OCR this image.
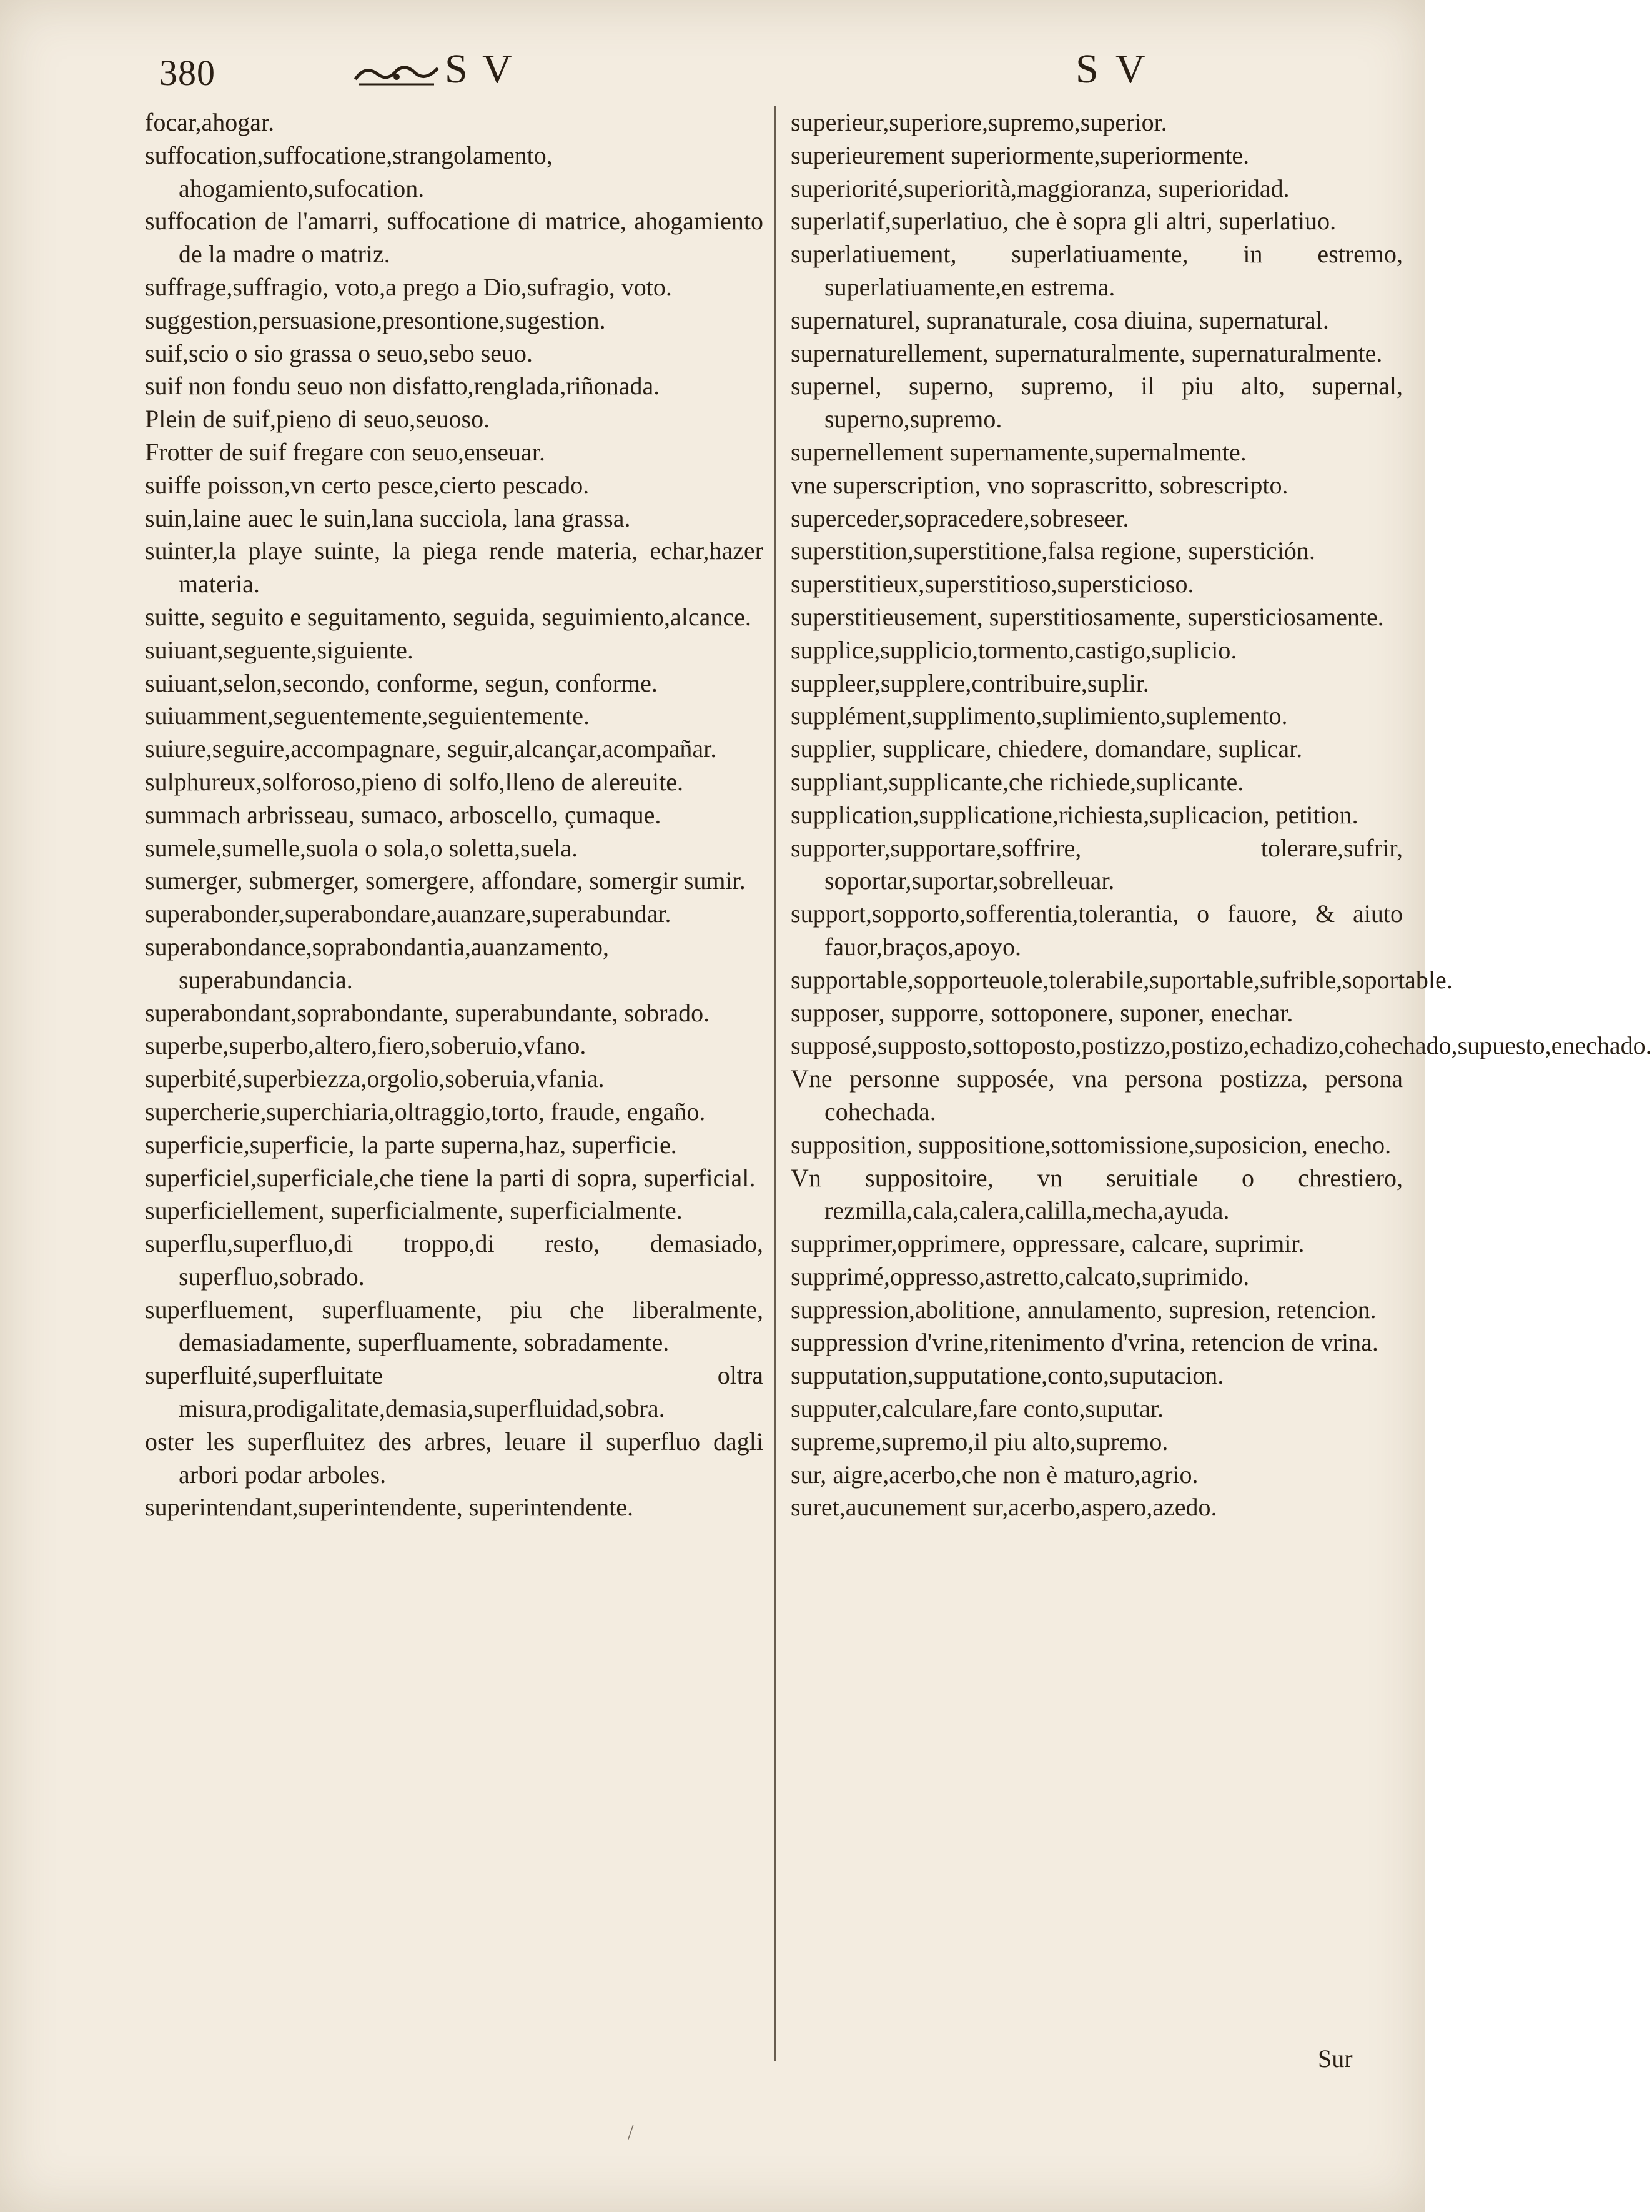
380	S V	S V
focar,ahogar.
suffocation,suffocatione,strangolamento, ahogamiento,sufocation.
suffocation de l'amarri, suffocatione di matrice, ahogamiento de la madre o matriz.
suffrage,suffragio, voto,a prego a Dio,sufragio, voto.
suggestion,persuasione,presontione,sugestion.
suif,scio o sio grassa o seuo,sebo seuo.
suif non fondu seuo non disfatto,renglada,riñonada.
Plein de suif,pieno di seuo,seuoso.
Frotter de suif fregare con seuo,enseuar.
suiffe poisson,vn certo pesce,cierto pescado.
suin,laine auec le suin,lana succiola, lana grassa.
suinter,la playe suinte, la piega rende materia, echar,hazer materia.
suitte, seguito e seguitamento, seguida, seguimiento,alcance.
suiuant,seguente,siguiente.
suiuant,selon,secondo, conforme, segun, conforme.
suiuamment,seguentemente,seguientemente.
suiure,seguire,accompagnare, seguir,alcançar,acompañar.
sulphureux,solforoso,pieno di solfo,lleno de alereuite.
summach arbrisseau, sumaco, arboscello, çumaque.
sumele,sumelle,suola o sola,o soletta,suela.
sumerger, submerger, somergere, affondare, somergir sumir.
superabonder,superabondare,auanzare,superabundar.
superabondance,soprabondantia,auanzamento, superabundancia.
superabondant,soprabondante, superabundante, sobrado.
superbe,superbo,altero,fiero,soberuio,vfano.
superbité,superbiezza,orgolio,soberuia,vfania.
supercherie,superchiaria,oltraggio,torto, fraude, engaño.
superficie,superficie, la parte superna,haz, superficie.
superficiel,superficiale,che tiene la parti di sopra, superficial.
superficiellement, superficialmente, superficialmente.
superflu,superfluo,di troppo,di resto, demasiado, superfluo,sobrado.
superfluement, superfluamente, piu che liberalmente, demasiadamente, superfluamente, sobradamente.
superfluité,superfluitate oltra misura,prodigalitate,demasia,superfluidad,sobra.
oster les superfluitez des arbres, leuare il superfluo dagli arbori podar arboles.
superintendant,superintendente, superintendente.
superieur,superiore,supremo,superior.
superieurement superiormente,superiormente.
superiorité,superiorità,maggioranza, superioridad.
superlatif,superlatiuo, che è sopra gli altri, superlatiuo.
superlatiuement, superlatiuamente, in estremo, superlatiuamente,en estrema.
supernaturel, supranaturale, cosa diuina, supernatural.
supernaturellement, supernaturalmente, supernaturalmente.
supernel, superno, supremo, il piu alto, supernal, superno,supremo.
supernellement supernamente,supernalmente.
vne superscription, vno soprascritto, sobrescripto.
superceder,sopracedere,sobreseer.
superstition,superstitione,falsa regione, superstición.
superstitieux,superstitioso,supersticioso.
superstitieusement, superstitiosamente, supersticiosamente.
supplice,supplicio,tormento,castigo,suplicio.
suppleer,supplere,contribuire,suplir.
supplément,supplimento,suplimiento,suplemento.
supplier, supplicare, chiedere, domandare, suplicar.
suppliant,supplicante,che richiede,suplicante.
supplication,supplicatione,richiesta,suplicacion, petition.
supporter,supportare,soffrire, tolerare,sufrir, soportar,suportar,sobrelleuar.
support,sopporto,sofferentia,tolerantia, o fauore, & aiuto fauor,braços,apoyo.
supportable,sopporteuole,tolerabile,suportable,sufrible,soportable.
supposer, supporre, sottoponere, suponer, enechar.
supposé,supposto,sottoposto,postizzo,postizo,echadizo,cohechado,supuesto,enechado.
Vne personne supposée, vna persona postizza, persona cohechada.
supposition, suppositione,sottomissione,suposicion, enecho.
Vn suppositoire, vn seruitiale o chrestiero, rezmilla,cala,calera,calilla,mecha,ayuda.
supprimer,opprimere, oppressare, calcare, suprimir.
supprimé,oppresso,astretto,calcato,suprimido.
suppression,abolitione, annulamento, supresion, retencion.
suppression d'vrine,ritenimento d'vrina, retencion de vrina.
supputation,supputatione,conto,suputacion.
supputer,calculare,fare conto,suputar.
supreme,supremo,il piu alto,supremo.
sur, aigre,acerbo,che non è maturo,agrio.
suret,aucunement sur,acerbo,aspero,azedo.
Sur
/
